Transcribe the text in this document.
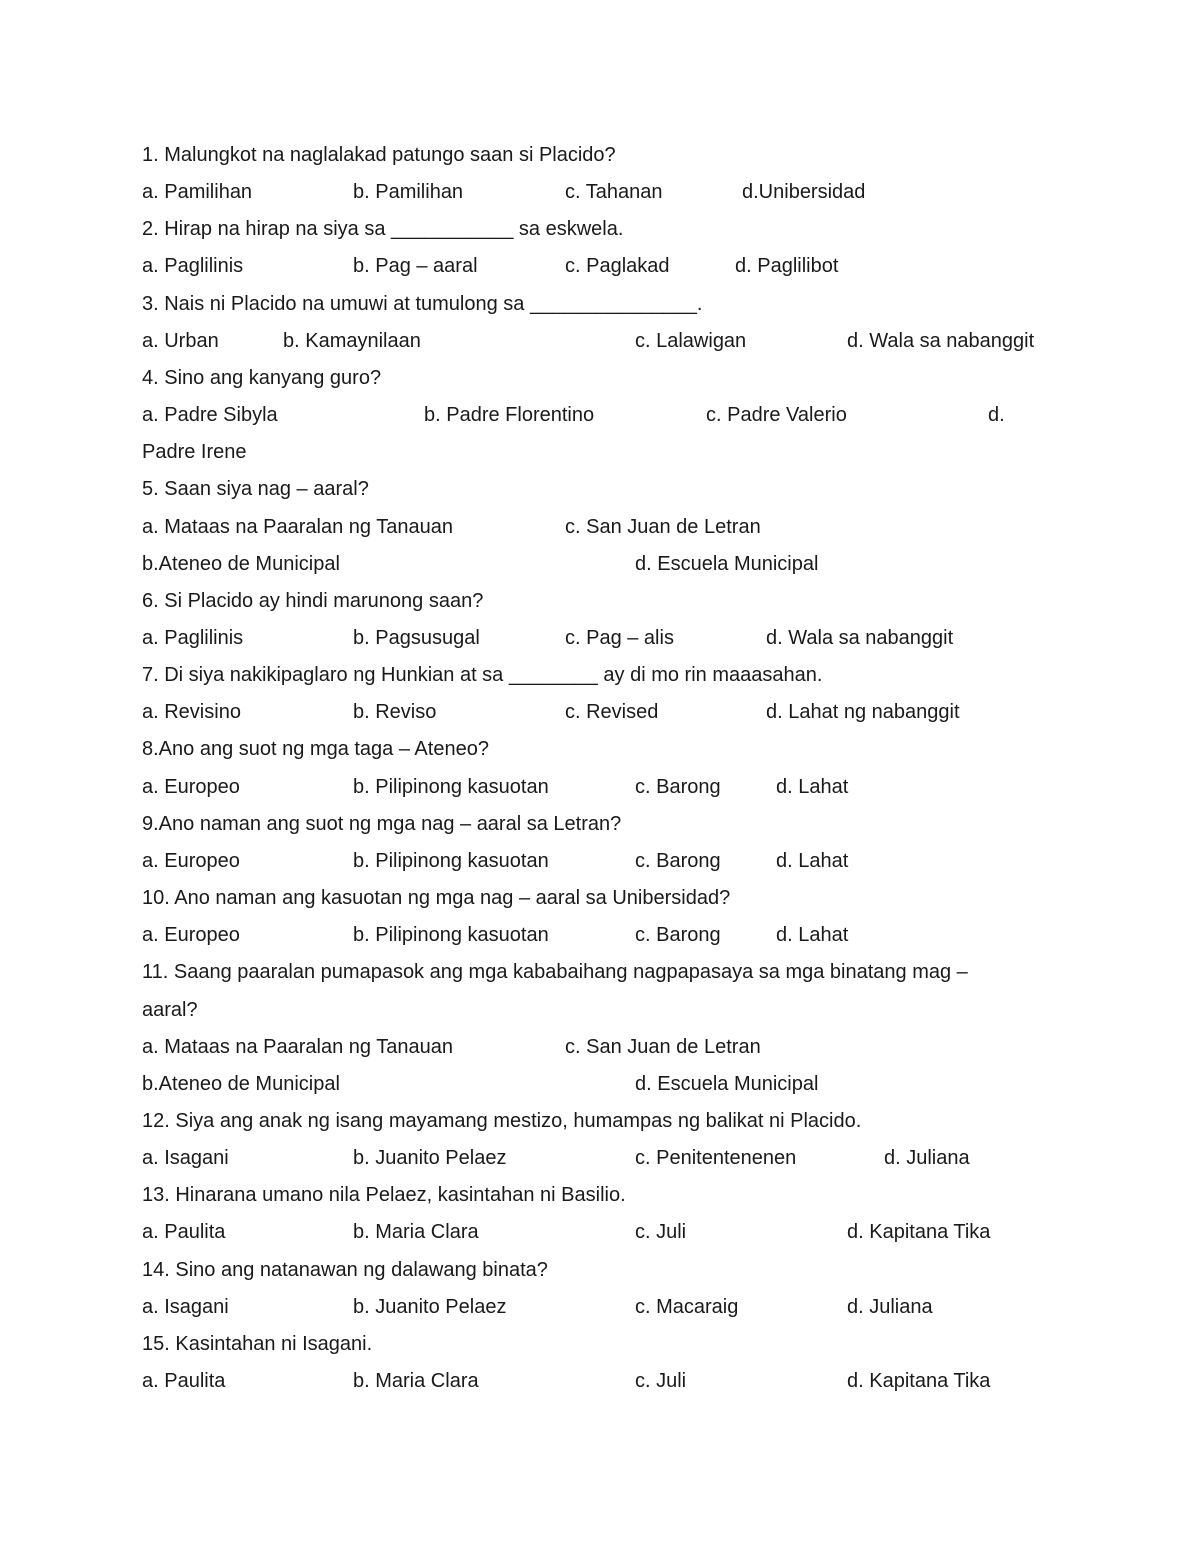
1. Malungkot na naglalakad patungo saan si Placido?
a. Pamilihan	b. Pamilihan	c. Tahanan	d.Unibersidad
2. Hirap na hirap na siya sa ___________ sa eskwela.
a. Paglilinis	b. Pag – aaral	c. Paglakad	d. Paglilibot
3. Nais ni Placido na umuwi at tumulong sa _______________.
a. Urban	b. Kamaynilaan	c. Lalawigan	d. Wala sa nabanggit
4. Sino ang kanyang guro?
a. Padre Sibyla	b. Padre Florentino	c. Padre Valerio	d.
Padre Irene
5. Saan siya nag – aaral?
a. Mataas na Paaralan ng Tanauan	c. San Juan de Letran
b.Ateneo de Municipal	d. Escuela Municipal
6. Si Placido ay hindi marunong saan?
a. Paglilinis	b. Pagsusugal	c. Pag – alis	d. Wala sa nabanggit
7. Di siya nakikipaglaro ng Hunkian at sa ________ ay di mo rin maaasahan.
a. Revisino	b. Reviso	c. Revised	d. Lahat ng nabanggit
8.Ano ang suot ng mga taga – Ateneo?
a. Europeo	b. Pilipinong kasuotan	c. Barong	d. Lahat
9.Ano naman ang suot ng mga nag – aaral sa Letran?
a. Europeo	b. Pilipinong kasuotan	c. Barong	d. Lahat
10. Ano naman ang kasuotan ng mga nag – aaral sa Unibersidad?
a. Europeo	b. Pilipinong kasuotan	c. Barong	d. Lahat
11. Saang paaralan pumapasok ang mga kababaihang nagpapasaya sa mga binatang mag –
aaral?
a. Mataas na Paaralan ng Tanauan	c. San Juan de Letran
b.Ateneo de Municipal	d. Escuela Municipal
12. Siya ang anak ng isang mayamang mestizo, humampas ng balikat ni Placido.
a. Isagani	b. Juanito Pelaez	c. Penitentenenen	d. Juliana
13. Hinarana umano nila Pelaez, kasintahan ni Basilio.
a. Paulita	b. Maria Clara	c. Juli	d. Kapitana Tika
14. Sino ang natanawan ng dalawang binata?
a. Isagani	b. Juanito Pelaez	c. Macaraig	d. Juliana
15. Kasintahan ni Isagani.
a. Paulita	b. Maria Clara	c. Juli	d. Kapitana Tika
